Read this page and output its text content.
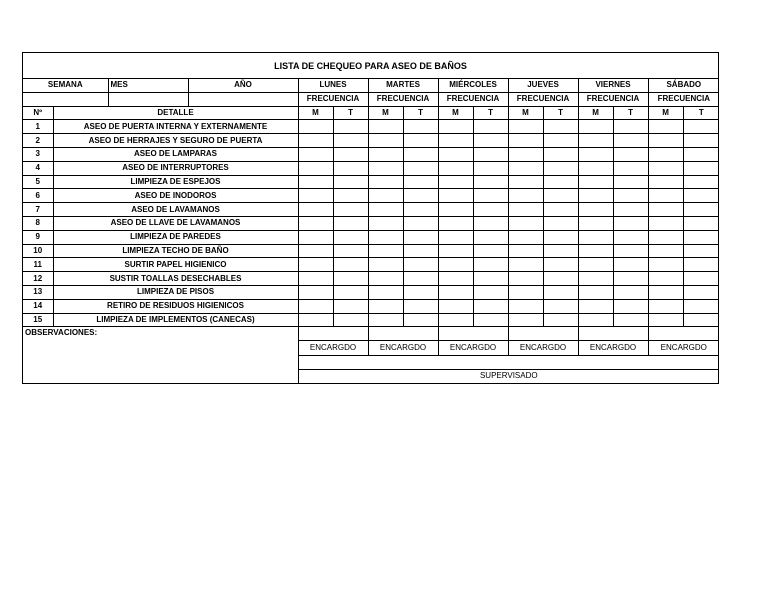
LISTA DE CHEQUEO PARA ASEO DE BAÑOS
SEMANA		MES	AÑO	LUNES		MARTES		MIÉRCOLES		JUEVES		VIERNES		SÁBADO	
				FRECUENCIA		FRECUENCIA		FRECUENCIA		FRECUENCIA		FRECUENCIA		FRECUENCIA	
Nº	DETALLE			M	T	M	T	M	T	M	T	M	T	M	T
1	ASEO DE PUERTA INTERNA Y EXTERNAMENTE														
2	ASEO DE HERRAJES Y SEGURO DE PUERTA														
3	ASEO DE LAMPARAS														
4	ASEO DE INTERRUPTORES														
5	LIMPIEZA DE ESPEJOS														
6	ASEO DE INODOROS														
7	ASEO DE LAVAMANOS														
8	ASEO DE LLAVE DE LAVAMANOS														
9	LIMPIEZA DE PAREDES														
10	LIMPIEZA TECHO DE BAÑO														
11	SURTIR PAPEL HIGIENICO														
12	SUSTIR TOALLAS DESECHABLES														
13	LIMPIEZA DE PISOS														
14	RETIRO DE RESIDUOS HIGIENICOS														
15	LIMPIEZA DE IMPLEMENTOS (CANECAS)														
OBSERVACIONES:															
				ENCARGDO		ENCARGDO		ENCARGDO		ENCARGDO		ENCARGDO		ENCARGDO	

				SUPERVISADO											
